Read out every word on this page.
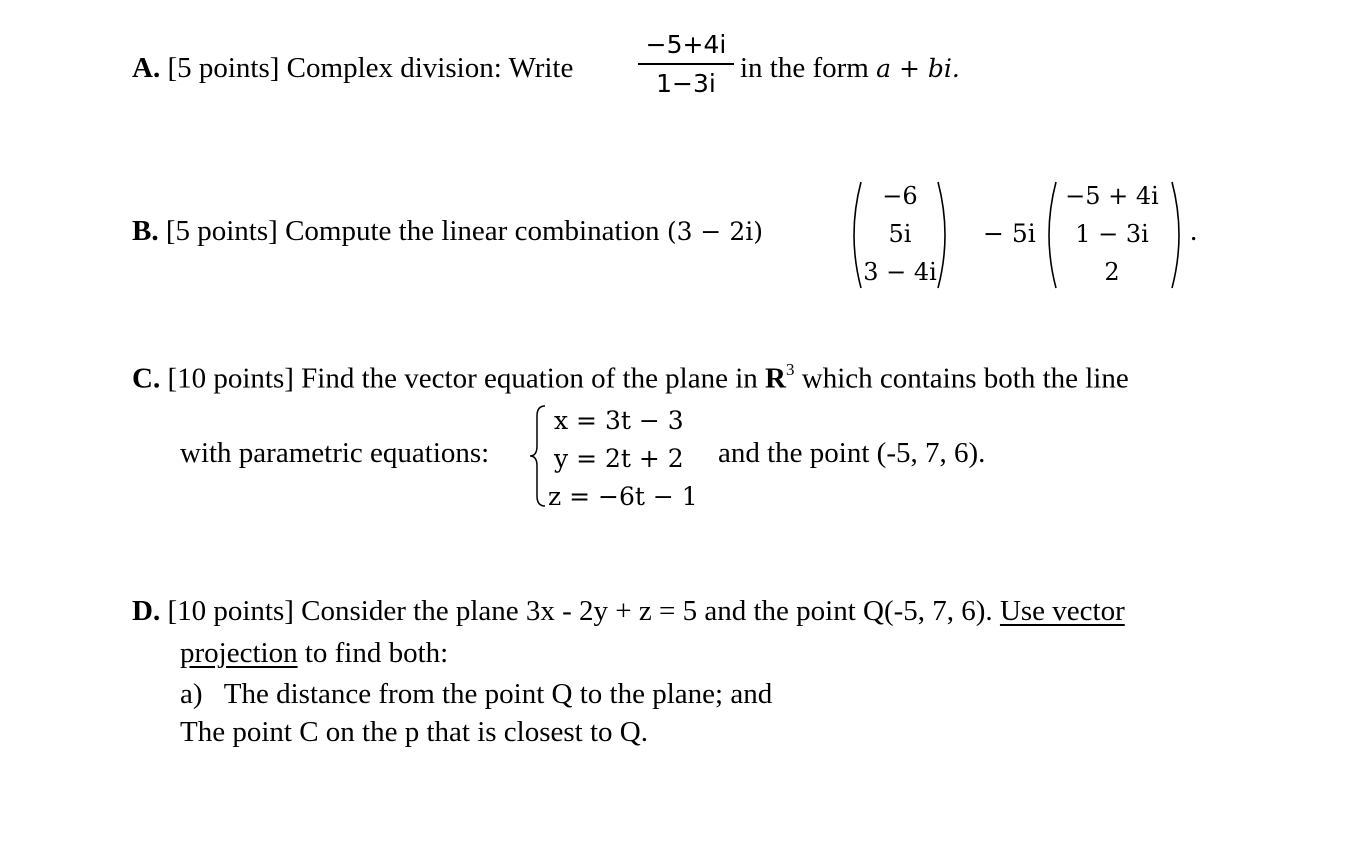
A. [5 points] Complex division: Write
−5+4i
1−3i in the form a + bi.
B. [5 points] Compute the linear combination (3 − 2i)
−6
5i
3 − 4i
− 5i
−5 + 4i
1 − 3i
2
.
C. [10 points] Find the vector equation of the plane in $R^3$ which contains both the line
with parametric equations:
x = 3t − 3
y = 2t + 2
z = −6t − 1
and the point (-5, 7, 6).
D. [10 points] Consider the plane 3x - 2y + z = 5 and the point Q(-5, 7, 6). Use vector
projection to find both:
a) The distance from the point Q to the plane; and
The point C on the p that is closest to Q.
